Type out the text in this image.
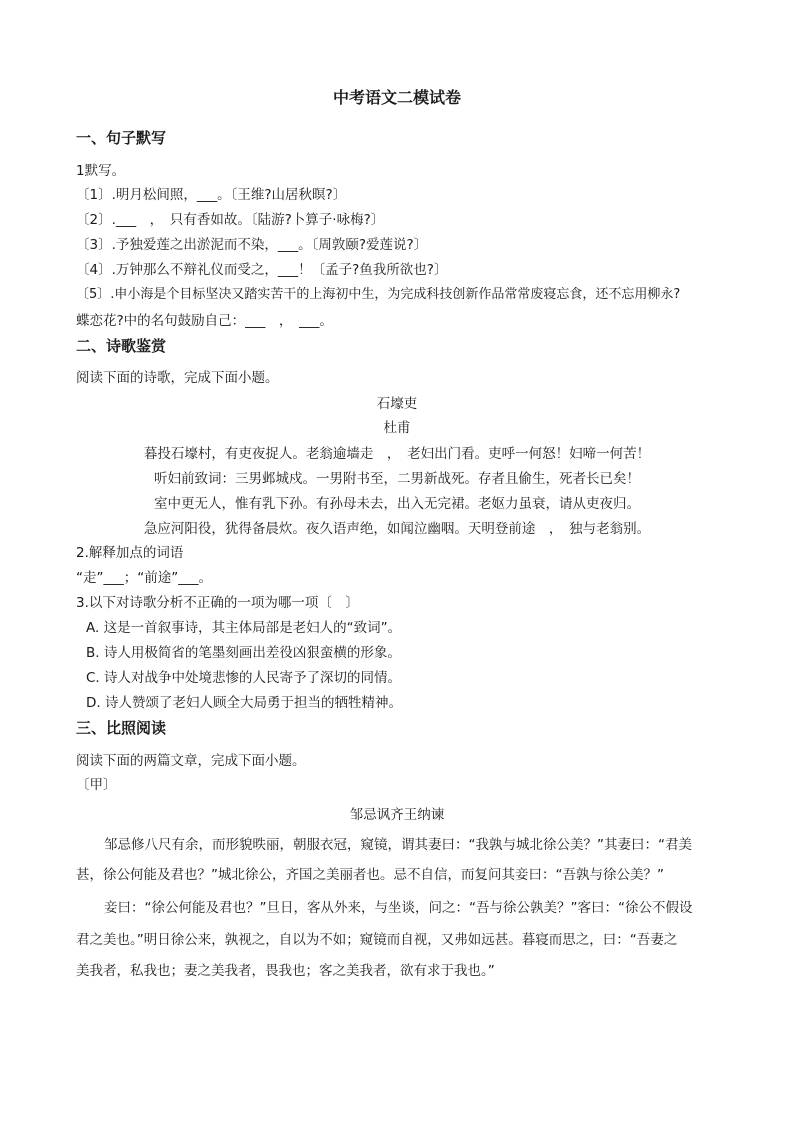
中考语文二模试卷
一、句子默写
1默写。
〔1〕.明月松间照，___。〔王维?山居秋暝?〕
〔2〕.___　，　只有香如故。〔陆游?卜算子·咏梅?〕
〔3〕.予独爱莲之出淤泥而不染，___。〔周敦颐?爱莲说?〕
〔4〕.万钟那么不辩礼仪而受之，___！〔孟子?鱼我所欲也?〕
〔5〕.申小海是个目标坚决又踏实苦干的上海初中生，为完成科技创新作品常常废寝忘食，还不忘用柳永?
蝶恋花?中的名句鼓励自己：___　，　___。
二、诗歌鉴赏
阅读下面的诗歌，完成下面小题。
石壕吏
杜甫
暮投石壕村，有吏夜捉人。老翁逾墙走　，　老妇出门看。吏呼一何怒！妇啼一何苦！
听妇前致词：三男邺城戍。一男附书至，二男新战死。存者且偷生，死者长已矣！
室中更无人，惟有乳下孙。有孙母未去，出入无完裙。老妪力虽衰，请从吏夜归。
急应河阳役，犹得备晨炊。夜久语声绝，如闻泣幽咽。天明登前途　，　独与老翁别。
2.解释加点的词语
“走”___；“前途”___。
3.以下对诗歌分析不正确的一项为哪一项〔　〕
A. 这是一首叙事诗，其主体局部是老妇人的“致词”。
B. 诗人用极简省的笔墨刻画出差役凶狠蛮横的形象。
C. 诗人对战争中处境悲惨的人民寄予了深切的同情。
D. 诗人赞颂了老妇人顾全大局勇于担当的牺牲精神。
三、比照阅读
阅读下面的两篇文章，完成下面小题。
〔甲〕
邹忌讽齐王纳谏
邹忌修八尺有余，而形貌昳丽，朝服衣冠，窥镜，谓其妻曰：“我孰与城北徐公美？”其妻曰：“君美
甚，徐公何能及君也？”城北徐公，齐国之美丽者也。忌不自信，而复问其妾曰：“吾孰与徐公美？”
妾曰：“徐公何能及君也？”旦日，客从外来，与坐谈，问之：“吾与徐公孰美？”客曰：“徐公不假设
君之美也。”明日徐公来，孰视之，自以为不如；窥镜而自视，又弗如远甚。暮寝而思之，曰：“吾妻之
美我者，私我也；妻之美我者，畏我也；客之美我者，欲有求于我也。”
